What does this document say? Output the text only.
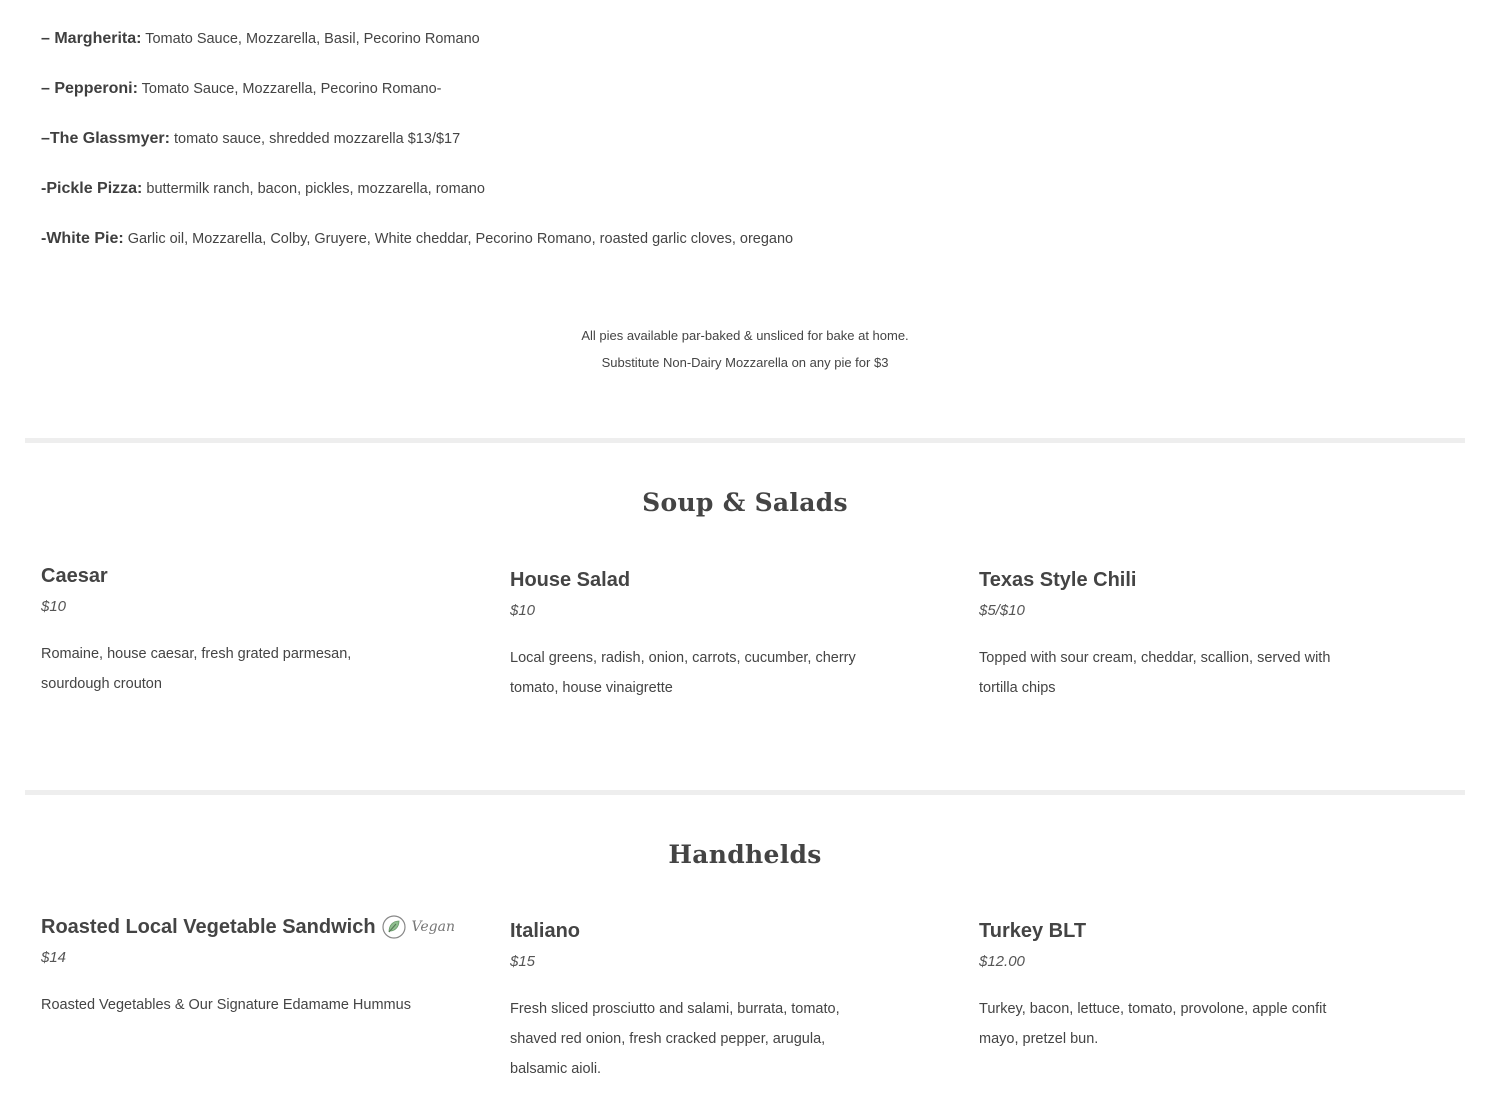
– Margherita: Tomato Sauce, Mozzarella, Basil, Pecorino Romano
– Pepperoni: Tomato Sauce, Mozzarella, Pecorino Romano-
–The Glassmyer: tomato sauce, shredded mozzarella $13/$17
-Pickle Pizza: buttermilk ranch, bacon, pickles, mozzarella, romano
-White Pie: Garlic oil, Mozzarella, Colby, Gruyere, White cheddar, Pecorino Romano, roasted garlic cloves, oregano
All pies available par-baked & unsliced for bake at home.
Substitute Non-Dairy Mozzarella on any pie for $3
Soup & Salads
Caesar
$10
Romaine, house caesar, fresh grated parmesan, sourdough crouton
House Salad
$10
Local greens, radish, onion, carrots, cucumber, cherry tomato, house vinaigrette
Texas Style Chili
$5/$10
Topped with sour cream, cheddar, scallion, served with tortilla chips
Handhelds
Roasted Local Vegetable Sandwich	Vegan
$14
Roasted Vegetables & Our Signature Edamame Hummus
Italiano
$15
Fresh sliced prosciutto and salami, burrata, tomato, shaved red onion, fresh cracked pepper, arugula, balsamic aioli.
Turkey BLT
$12.00
Turkey, bacon, lettuce, tomato, provolone, apple confit mayo, pretzel bun.
